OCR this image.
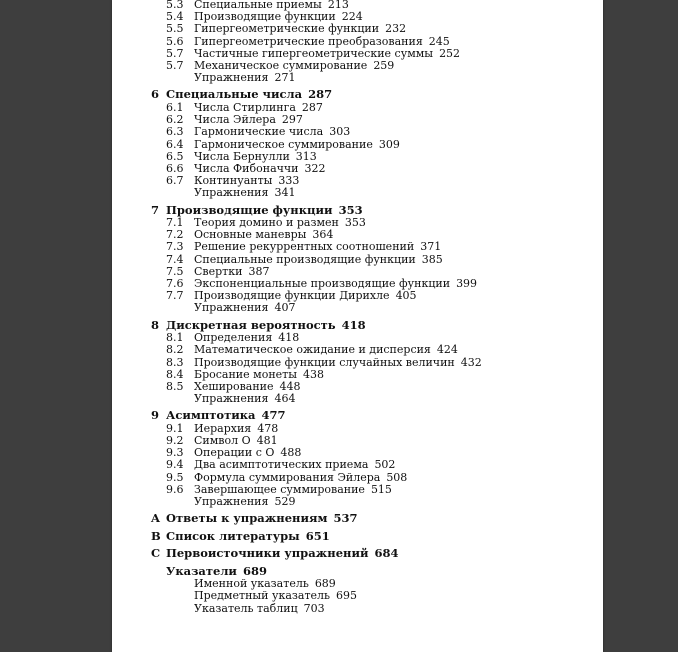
5.3 Специальные приемы 213
5.4 Производящие функции 224
5.5 Гипергеометрические функции 232
5.6 Гипергеометрические преобразования 245
5.7 Частичные гипергеометрические суммы 252
5.7 Механическое суммирование 259
Упражнения 271
6 Специальные числа 287
6.1 Числа Стирлинга 287
6.2 Числа Эйлера 297
6.3 Гармонические числа 303
6.4 Гармоническое суммирование 309
6.5 Числа Бернулли 313
6.6 Числа Фибоначчи 322
6.7 Континуанты 333
Упражнения 341
7 Производящие функции 353
7.1 Теория домино и размен 353
7.2 Основные маневры 364
7.3 Решение рекуррентных соотношений 371
7.4 Специальные производящие функции 385
7.5 Свертки 387
7.6 Экспоненциальные производящие функции 399
7.7 Производящие функции Дирихле 405
Упражнения 407
8 Дискретная вероятность 418
8.1 Определения 418
8.2 Математическое ожидание и дисперсия 424
8.3 Производящие функции случайных величин 432
8.4 Бросание монеты 438
8.5 Хеширование 448
Упражнения 464
9 Асимптотика 477
9.1 Иерархия 478
9.2 Символ О 481
9.3 Операции с О 488
9.4 Два асимптотических приема 502
9.5 Формула суммирования Эйлера 508
9.6 Завершающее суммирование 515
Упражнения 529
A Ответы к упражнениям 537
B Список литературы 651
C Первоисточники упражнений 684
Указатели 689
Именной указатель 689
Предметный указатель 695
Указатель таблиц 703
